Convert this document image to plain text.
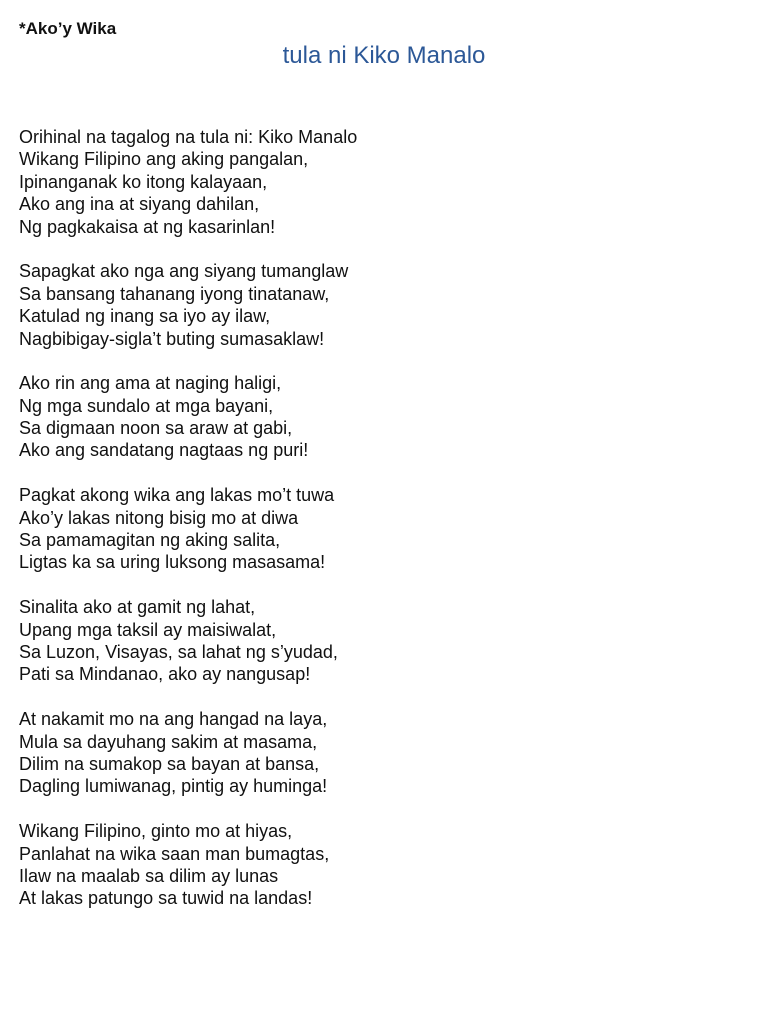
*Ako’y Wika
tula ni Kiko Manalo
Orihinal na tagalog na tula ni: Kiko Manalo
Wikang Filipino ang aking pangalan,
Ipinanganak ko itong kalayaan,
Ako ang ina at siyang dahilan,
Ng pagkakaisa at ng kasarinlan!
Sapagkat ako nga ang siyang tumanglaw
Sa bansang tahanang iyong tinatanaw,
Katulad ng inang sa iyo ay ilaw,
Nagbibigay-sigla’t buting sumasaklaw!
Ako rin ang ama at naging haligi,
Ng mga sundalo at mga bayani,
Sa digmaan noon sa araw at gabi,
Ako ang sandatang nagtaas ng puri!
Pagkat akong wika ang lakas mo’t tuwa
Ako’y lakas nitong bisig mo at diwa
Sa pamamagitan ng aking salita,
Ligtas ka sa uring luksong masasama!
Sinalita ako at gamit ng lahat,
Upang mga taksil ay maisiwalat,
Sa Luzon, Visayas, sa lahat ng s’yudad,
Pati sa Mindanao, ako ay nangusap!
At nakamit mo na ang hangad na laya,
Mula sa dayuhang sakim at masama,
Dilim na sumakop sa bayan at bansa,
Dagling lumiwanag, pintig ay huminga!
Wikang Filipino, ginto mo at hiyas,
Panlahat na wika saan man bumagtas,
Ilaw na maalab sa dilim ay lunas
At lakas patungo sa tuwid na landas!
